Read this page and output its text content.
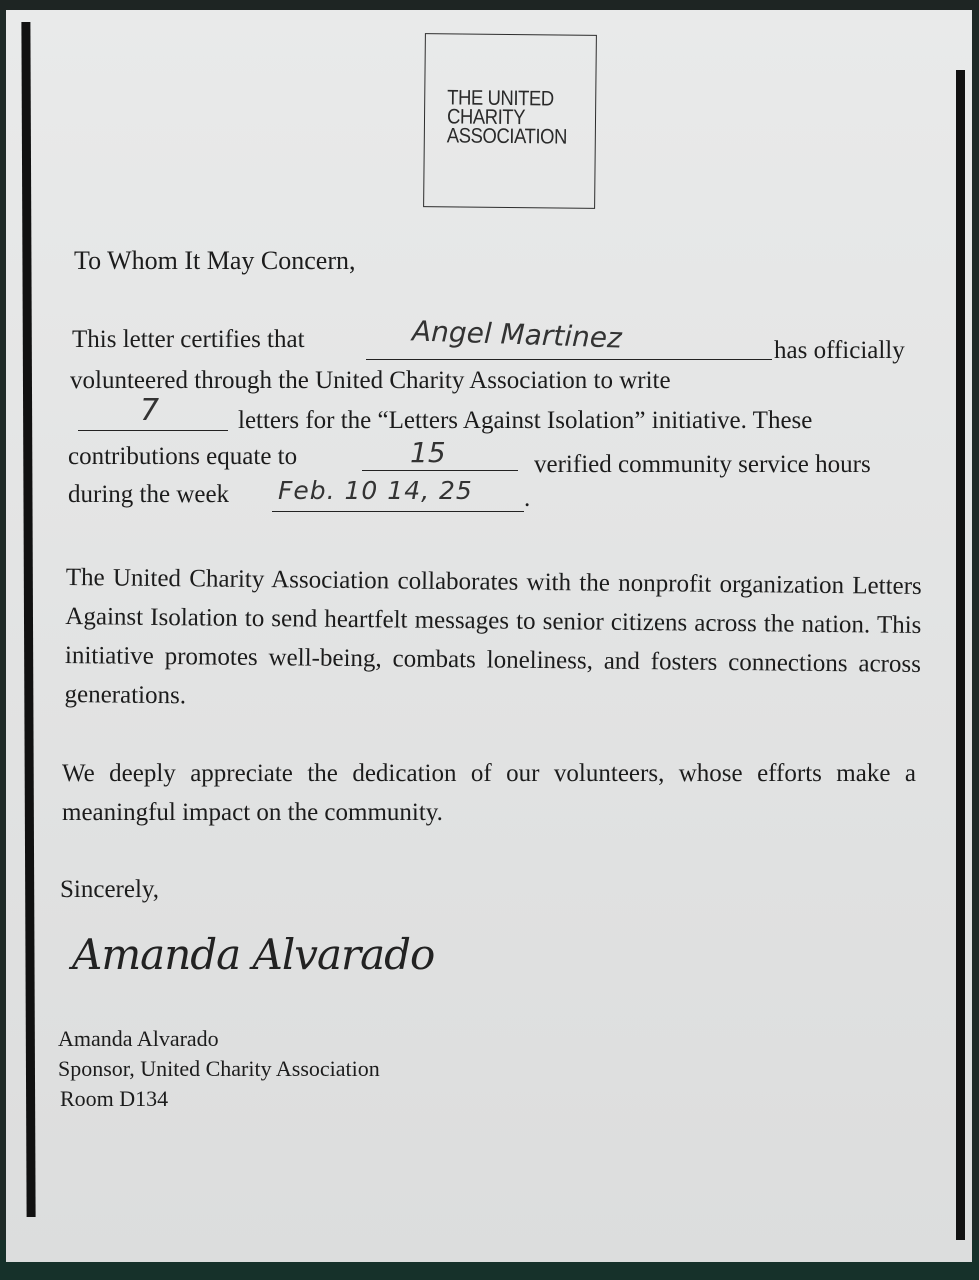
THE UNITED
CHARITY
ASSOCIATION
To Whom It May Concern,
This letter certifies that	Angel Martinez	has officially
volunteered through the United Charity Association to write
7	letters for the “Letters Against Isolation” initiative. These
contributions equate to	15	verified community service hours
during the week Feb. 10 14, 25 .
The United Charity Association collaborates with the nonprofit organization Letters Against Isolation to send heartfelt messages to senior citizens across the nation. This initiative promotes well-being, combats loneliness, and fosters connections across generations.
We deeply appreciate the dedication of our volunteers, whose efforts make a meaningful impact on the community.
Sincerely,
Amanda Alvarado
Amanda Alvarado
Sponsor, United Charity Association
Room D134
